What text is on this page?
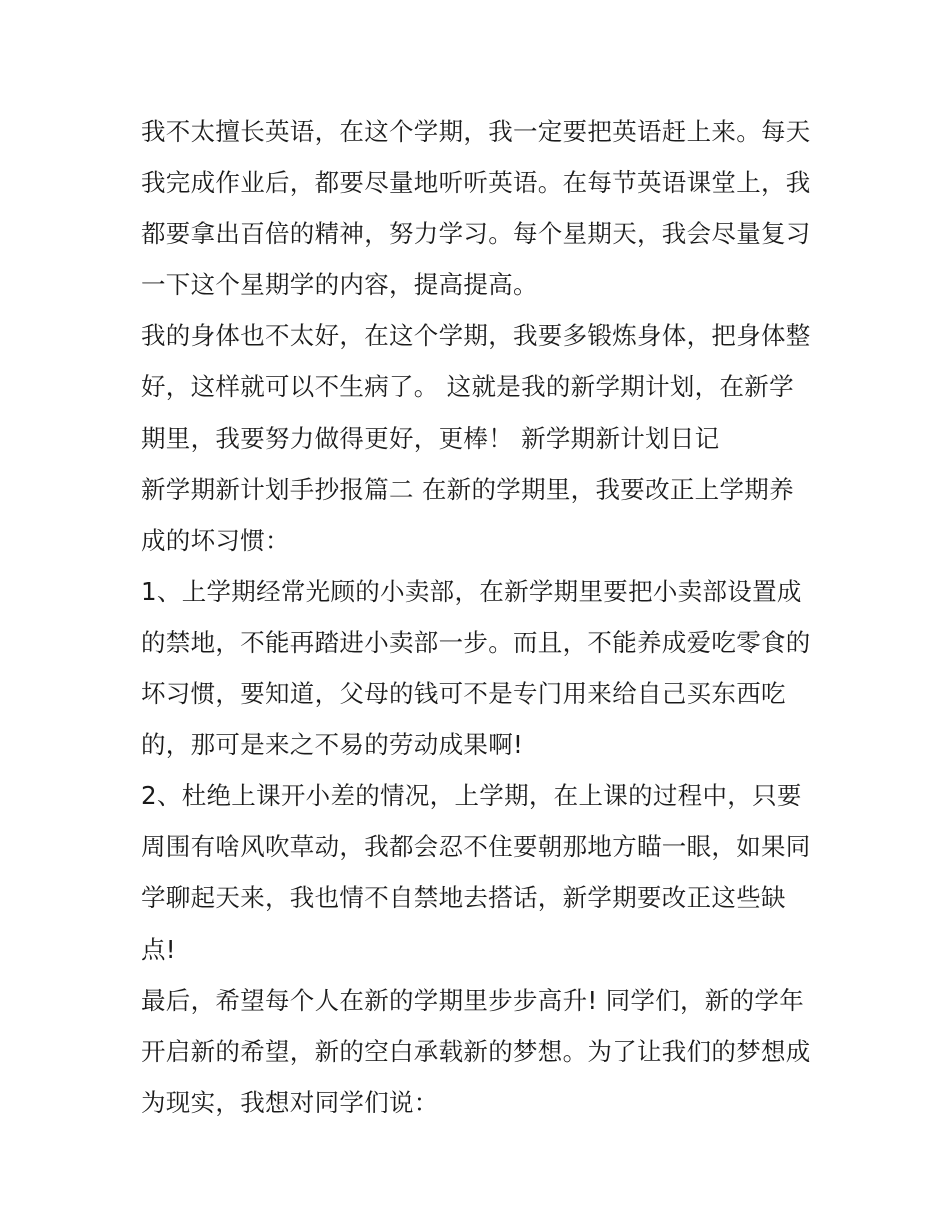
我不太擅长英语，在这个学期，我一定要把英语赶上来。每天
我完成作业后，都要尽量地听听英语。在每节英语课堂上，我
都要拿出百倍的精神，努力学习。每个星期天，我会尽量复习
一下这个星期学的内容，提高提高。
我的身体也不太好，在这个学期，我要多锻炼身体，把身体整
好，这样就可以不生病了。 这就是我的新学期计划，在新学
期里，我要努力做得更好，更棒！ 新学期新计划日记
新学期新计划手抄报篇二 在新的学期里，我要改正上学期养
成的坏习惯：
1、上学期经常光顾的小卖部，在新学期里要把小卖部设置成
的禁地，不能再踏进小卖部一步。而且，不能养成爱吃零食的
坏习惯，要知道，父母的钱可不是专门用来给自己买东西吃
的，那可是来之不易的劳动成果啊!
2、杜绝上课开小差的情况，上学期，在上课的过程中，只要
周围有啥风吹草动，我都会忍不住要朝那地方瞄一眼，如果同
学聊起天来，我也情不自禁地去搭话，新学期要改正这些缺
点!
最后，希望每个人在新的学期里步步高升! 同学们，新的学年
开启新的希望，新的空白承载新的梦想。为了让我们的梦想成
为现实，我想对同学们说：
